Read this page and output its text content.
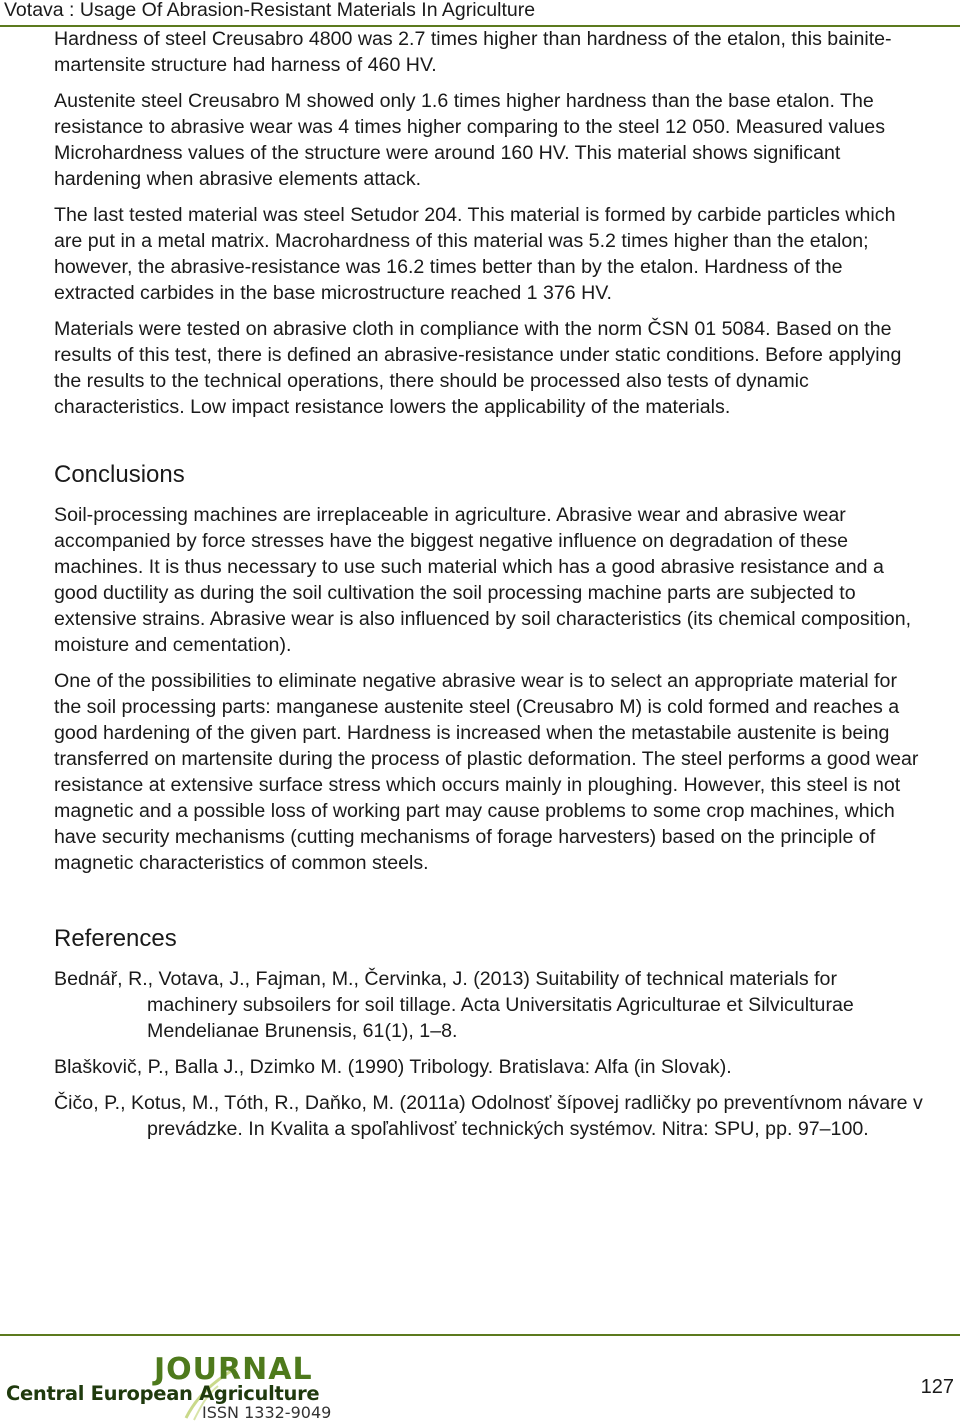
Votava : Usage Of Abrasion-Resistant Materials In Agriculture

Hardness of steel Creusabro 4800 was 2.7 times higher than hardness of the etalon, this bainite-martensite structure had harness of 460 HV.

Austenite steel Creusabro M showed only 1.6 times higher hardness than the base etalon. The resistance to abrasive wear was 4 times higher comparing to the steel 12 050. Measured values Microhardness values of the structure were around 160 HV. This material shows significant hardening when abrasive elements attack.

The last tested material was steel Setudor 204. This material is formed by carbide particles which are put in a metal matrix. Macrohardness of this material was 5.2 times higher than the etalon; however, the abrasive-resistance was 16.2 times better than by the etalon. Hardness of the extracted carbides in the base microstructure reached 1 376 HV.

Materials were tested on abrasive cloth in compliance with the norm ČSN 01 5084. Based on the results of this test, there is defined an abrasive-resistance under static conditions. Before applying the results to the technical operations, there should be processed also tests of dynamic characteristics. Low impact resistance lowers the applicability of the materials.

Conclusions

Soil-processing machines are irreplaceable in agriculture. Abrasive wear and abrasive wear accompanied by force stresses have the biggest negative influence on degradation of these machines. It is thus necessary to use such material which has a good abrasive resistance and a good ductility as during the soil cultivation the soil processing machine parts are subjected to extensive strains. Abrasive wear is also influenced by soil characteristics (its chemical composition, moisture and cementation).

One of the possibilities to eliminate negative abrasive wear is to select an appropriate material for the soil processing parts: manganese austenite steel (Creusabro M) is cold formed and reaches a good hardening of the given part. Hardness is increased when the metastabile austenite is being transferred on martensite during the process of plastic deformation. The steel performs a good wear resistance at extensive surface stress which occurs mainly in ploughing. However, this steel is not magnetic and a possible loss of working part may cause problems to some crop machines, which have security mechanisms (cutting mechanisms of forage harvesters) based on the principle of magnetic characteristics of common steels.

References

Bednář, R., Votava, J., Fajman, M., Červinka, J. (2013) Suitability of technical materials for machinery subsoilers for soil tillage. Acta Universitatis Agriculturae et Silviculturae Mendelianae Brunensis, 61(1), 1–8.

Blaškovič, P., Balla J., Dzimko M. (1990) Tribology. Bratislava: Alfa (in Slovak).

Čičo, P., Kotus, M., Tóth, R., Daňko, M. (2011a) Odolnosť šípovej radličky po preventívnom návare v prevádzke. In Kvalita a spoľahlivosť technických systémov. Nitra: SPU, pp. 97–100.

JOURNAL
Central European Agriculture
ISSN 1332-9049
127
